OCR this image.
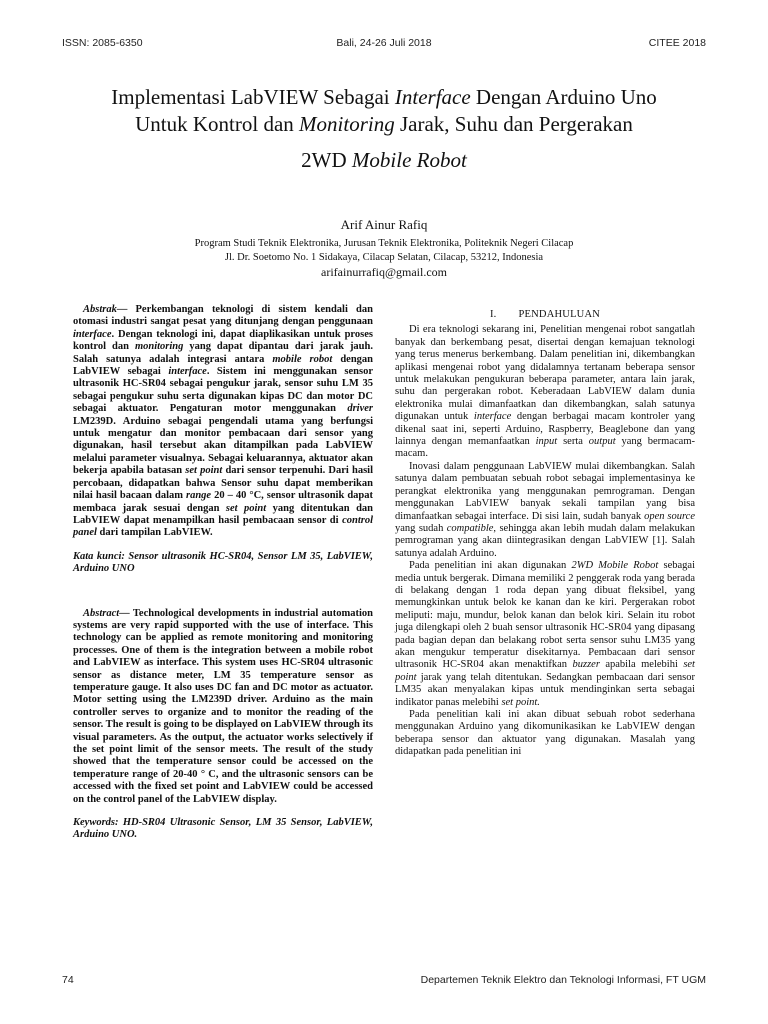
ISSN: 2085-6350	Bali, 24-26 Juli 2018	CITEE 2018
Implementasi LabVIEW Sebagai Interface Dengan Arduino Uno
Untuk Kontrol dan Monitoring Jarak, Suhu dan Pergerakan
2WD Mobile Robot
Arif Ainur Rafiq
Program Studi Teknik Elektronika, Jurusan Teknik Elektronika, Politeknik Negeri Cilacap
Jl. Dr. Soetomo No. 1 Sidakaya, Cilacap Selatan, Cilacap, 53212, Indonesia
arifainurrafiq@gmail.com

Abstrak— Perkembangan teknologi di sistem kendali dan otomasi industri sangat pesat yang ditunjang dengan penggunaan interface. Dengan teknologi ini, dapat diaplikasikan untuk proses kontrol dan monitoring yang dapat dipantau dari jarak jauh. Salah satunya adalah integrasi antara mobile robot dengan LabVIEW sebagai interface. Sistem ini menggunakan sensor ultrasonik HC-SR04 sebagai pengukur jarak, sensor suhu LM 35 sebagai pengukur suhu serta digunakan kipas DC dan motor DC sebagai aktuator. Pengaturan motor menggunakan driver LM239D. Arduino sebagai pengendali utama yang berfungsi untuk mengatur dan monitor pembacaan dari sensor yang digunakan, hasil tersebut akan ditampilkan pada LabVIEW melalui parameter visualnya. Sebagai keluarannya, aktuator akan bekerja apabila batasan set point dari sensor terpenuhi. Dari hasil percobaan, didapatkan bahwa Sensor suhu dapat memberikan nilai hasil bacaan dalam range 20 – 40 °C, sensor ultrasonik dapat membaca jarak sesuai dengan set point yang ditentukan dan LabVIEW dapat menampilkan hasil pembacaan sensor di control panel dari tampilan LabVIEW.

Kata kunci: Sensor ultrasonik HC-SR04, Sensor LM 35, LabVIEW, Arduino UNO

Abstract— Technological developments in industrial automation systems are very rapid supported with the use of interface. This technology can be applied as remote monitoring and monitoring processes. One of them is the integration between a mobile robot and LabVIEW as interface. This system uses HC-SR04 ultrasonic sensor as distance meter, LM 35 temperature sensor as temperature gauge. It also uses DC fan and DC motor as actuator. Motor setting using the LM239D driver. Arduino as the main controller serves to organize and to monitor the reading of the sensor. The result is going to be displayed on LabVIEW through its visual parameters. As the output, the actuator works selectively if the set point limit of the sensor meets. The result of the study showed that the temperature sensor could be accessed on the temperature range of 20-40 ° C, and the ultrasonic sensors can be accessed with the fixed set point and LabVIEW could be accessed on the control panel of the LabVIEW display.

Keywords: HD-SR04 Ultrasonic Sensor, LM 35 Sensor, LabVIEW, Arduino UNO.

I. PENDAHULUAN

Di era teknologi sekarang ini, Penelitian mengenai robot sangatlah banyak dan berkembang pesat, disertai dengan kemajuan teknologi yang terus menerus berkembang. Dalam penelitian ini, dikembangkan aplikasi mengenai robot yang didalamnya tertanam beberapa sensor untuk melakukan pengukuran beberapa parameter, antara lain jarak, suhu dan pergerakan robot. Keberadaan LabVIEW dalam dunia elektronika mulai dimanfaatkan dan dikembangkan, salah satunya digunakan untuk interface dengan berbagai macam kontroler yang dikenal saat ini, seperti Arduino, Raspberry, Beaglebone dan yang lainnya dengan memanfaatkan input serta output yang bermacam-macam.

Inovasi dalam penggunaan LabVIEW mulai dikembangkan. Salah satunya dalam pembuatan sebuah robot sebagai implementasinya ke perangkat elektronika yang menggunakan pemrograman. Dengan menggunakan LabVIEW banyak sekali tampilan yang bisa dimanfaatkan sebagai interface. Di sisi lain, sudah banyak open source yang sudah compatible, sehingga akan lebih mudah dalam melakukan pemrograman yang akan diintegrasikan dengan LabVIEW [1]. Salah satunya adalah Arduino.

Pada penelitian ini akan digunakan 2WD Mobile Robot sebagai media untuk bergerak. Dimana memiliki 2 penggerak roda yang berada di belakang dengan 1 roda depan yang dibuat fleksibel, yang memungkinkan untuk belok ke kanan dan ke kiri. Pergerakan robot meliputi: maju, mundur, belok kanan dan belok kiri. Selain itu robot juga dilengkapi oleh 2 buah sensor ultrasonik HC-SR04 yang dipasang pada bagian depan dan belakang robot serta sensor suhu LM35 yang akan mengukur temperatur disekitarnya. Pembacaan dari sensor ultrasonik HC-SR04 akan menaktifkan buzzer apabila melebihi set point jarak yang telah ditentukan. Sedangkan pembacaan dari sensor LM35 akan menyalakan kipas untuk mendinginkan serta sebagai indikator panas melebihi set point.

Pada penelitian kali ini akan dibuat sebuah robot sederhana menggunakan Arduino yang dikomunikasikan ke LabVIEW dengan beberapa sensor dan aktuator yang digunakan. Masalah yang didapatkan pada penelitian ini

74	Departemen Teknik Elektro dan Teknologi Informasi, FT UGM
